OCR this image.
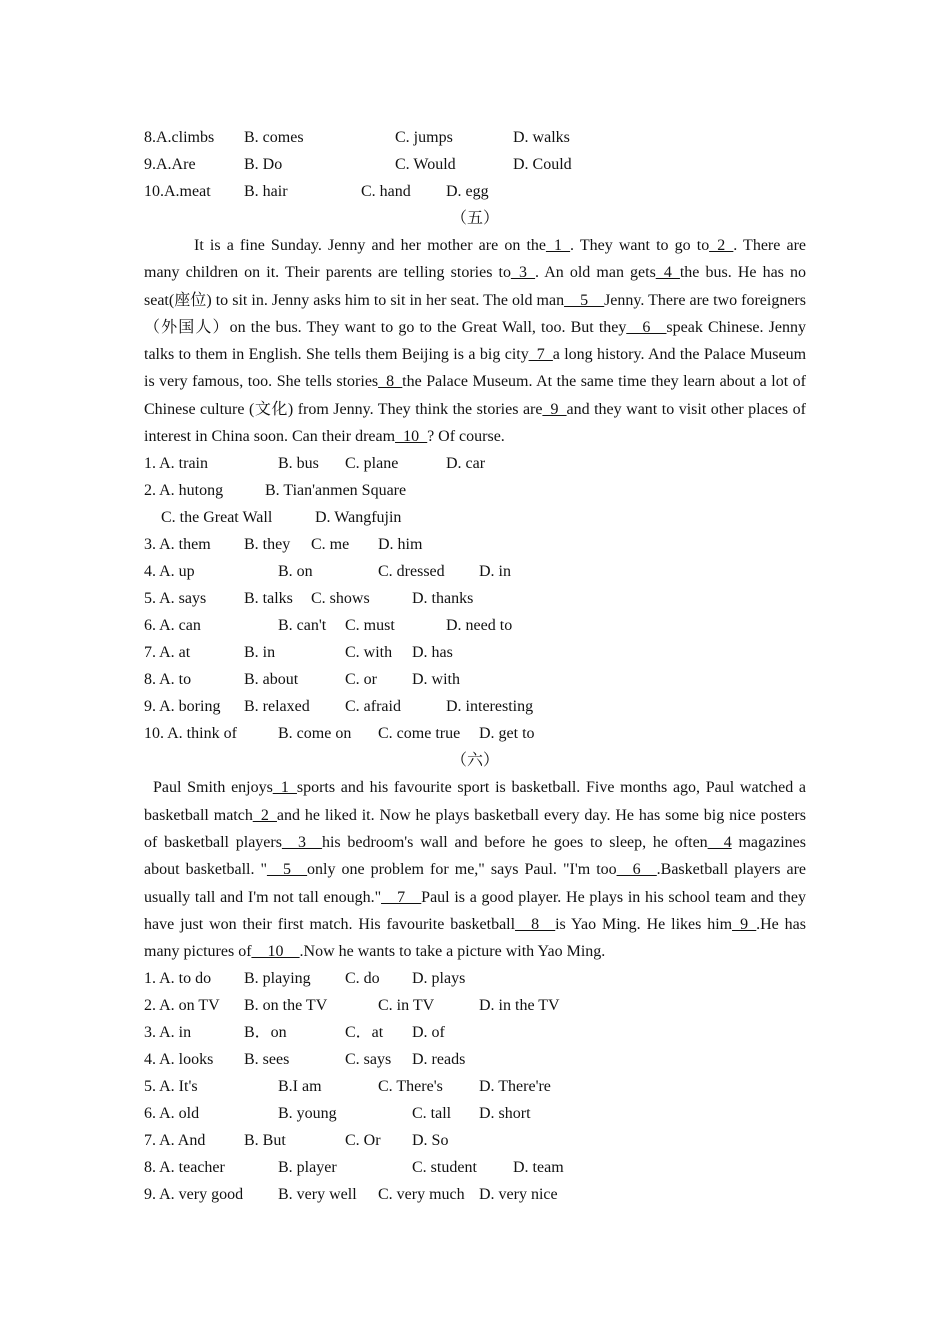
8.A.climbs B. comes	C. jumps	D. walks
9.A.Are	B. Do	C. Would	D. Could
10.A.meat B. hair	C. hand D. egg
（五）

It is a fine Sunday. Jenny and her mother are on the_1_. They want to go to_2_. There are many children on it. Their parents are telling stories to_3_. An old man gets_4_the bus. He has no seat(座位) to sit in. Jenny asks him to sit in her seat. The old man__5__Jenny. There are two foreigners（外国人）on the bus. They want to go to the Great Wall, too. But they__6__speak Chinese. Jenny talks to them in English. She tells them Beijing is a big city_7_a long history. And the Palace Museum is very famous, too. She tells stories_8_the Palace Museum. At the same time they learn about a lot of Chinese culture (文化) from Jenny. They think the stories are_9_and they want to visit other places of interest in China soon. Can their dream_10_? Of course.

1. A. train	B. bus C. plane	D. car
2. A. hutong	B. Tian'anmen Square
C. the Great Wall	D. Wangfujin
3. A. them B. they C. me D. him
4. A. up	B. on	C. dressed D. in
5. A. says B. talks C. shows	D. thanks
6. A. can	B. can't C. must	D. need to
7. A. at	B. in	C. with D. has
8. A. to	B. about	C. or D. with
9. A. boring B. relaxed C. afraid	D. interesting
10. A. think of	B. come on C. come true D. get to
（六）

Paul Smith enjoys_1_sports and his favourite sport is basketball. Five months ago, Paul watched a basketball match_2_and he liked it. Now he plays basketball every day. He has some big nice posters of basketball players__3__his bedroom's wall and before he goes to sleep, he often__4 magazines about basketball. "__5__only one problem for me," says Paul. "I'm too__6__.Basketball players are usually tall and I'm not tall enough."__7__Paul is a good player. He plays in his school team and they have just won their first match. His favourite basketball__8__is Yao Ming. He likes him_9_.He has many pictures of__10__.Now he wants to take a picture with Yao Ming.

1. A. to do B. playing C. do D. plays
2. A. on TV B. on the TV	C. in TV	D. in the TV
3. A. in	B．on	C．at D. of
4. A. looks B. sees	C. says D. reads
5. A. It's	B.I am	C. There's D. There're
6. A. old	B. young	C. tall D. short
7. A. And B. But	C. Or D. So
8. A. teacher	B. player	C. student D. team
9. A. very good B. very well C. very much D. very nice
